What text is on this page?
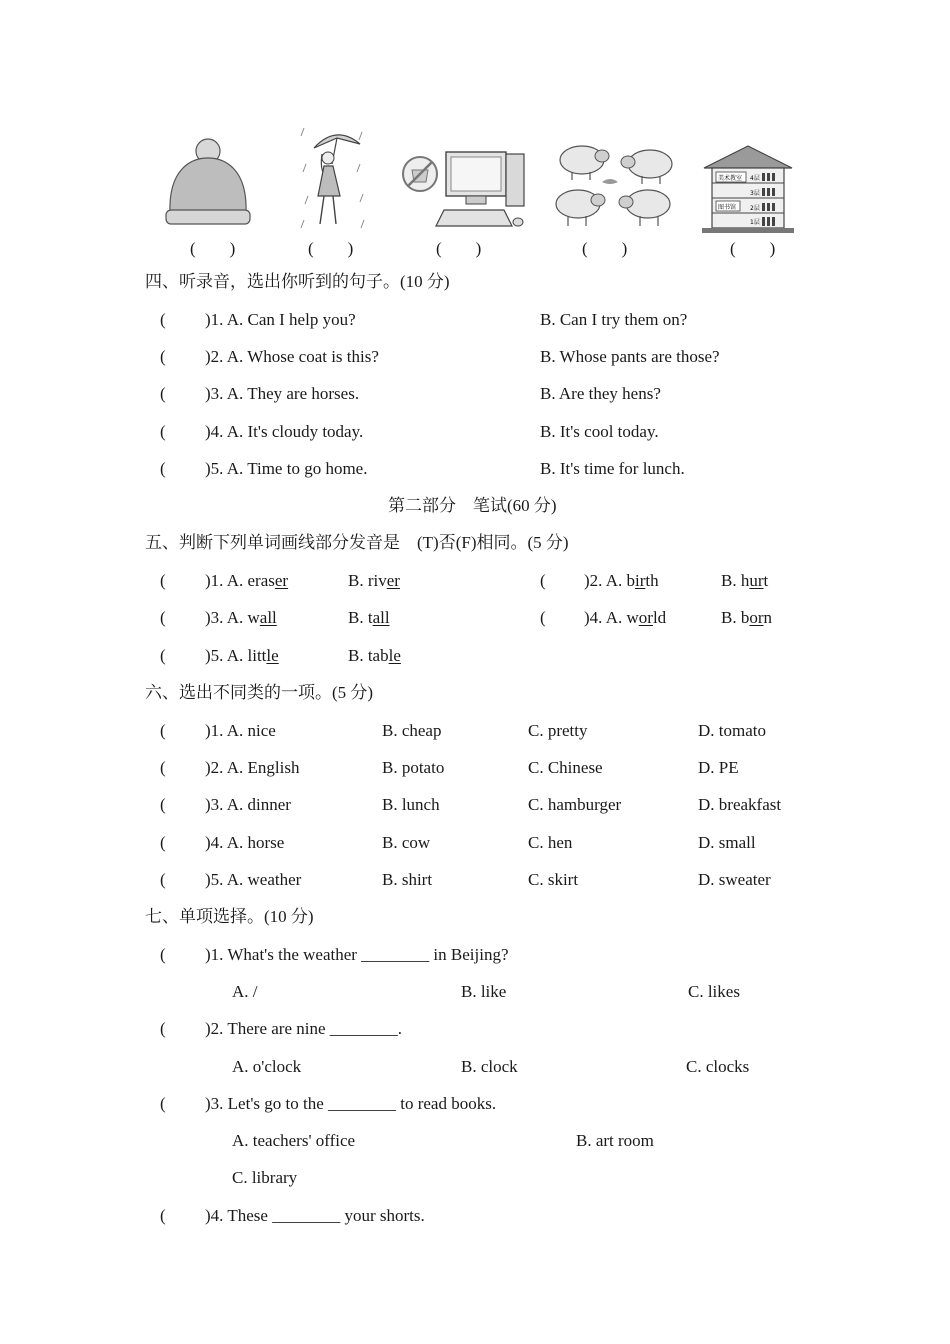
美术教室
图书馆
4层
3层
2层
1层
(　　)	(　　)	(　　)	(　　)	(　　)
四、听录音，选出你听到的句子。(10 分)
( )1. A. Can I help you?	B. Can I try them on?
( )2. A. Whose coat is this?	B. Whose pants are those?
( )3. A. They are horses.	B. Are they hens?
( )4. A. It's cloudy today.	B. It's cool today.
( )5. A. Time to go home.	B. It's time for lunch.
第二部分　笔试(60 分)
五、判断下列单词画线部分发音是　(T)否(F)相同。(5 分)
( )1. A. eraser	B. river	( )2. A. birth	B. hurt
( )3. A. wall	B. tall	( )4. A. world	B. born
( )5. A. little	B. table
六、选出不同类的一项。(5 分)
( )1. A. nice	B. cheap	C. pretty	D. tomato
( )2. A. English	B. potato	C. Chinese	D. PE
( )3. A. dinner	B. lunch	C. hamburger	D. breakfast
( )4. A. horse	B. cow	C. hen	D. small
( )5. A. weather	B. shirt	C. skirt	D. sweater
七、单项选择。(10 分)
( )1. What's the weather ________ in Beijing?
A. /	B. like	C. likes
( )2. There are nine ________.
A. o'clock	B. clock	C. clocks
( )3. Let's go to the ________ to read books.
A. teachers' office	B. art room
C. library
( )4. These ________ your shorts.
